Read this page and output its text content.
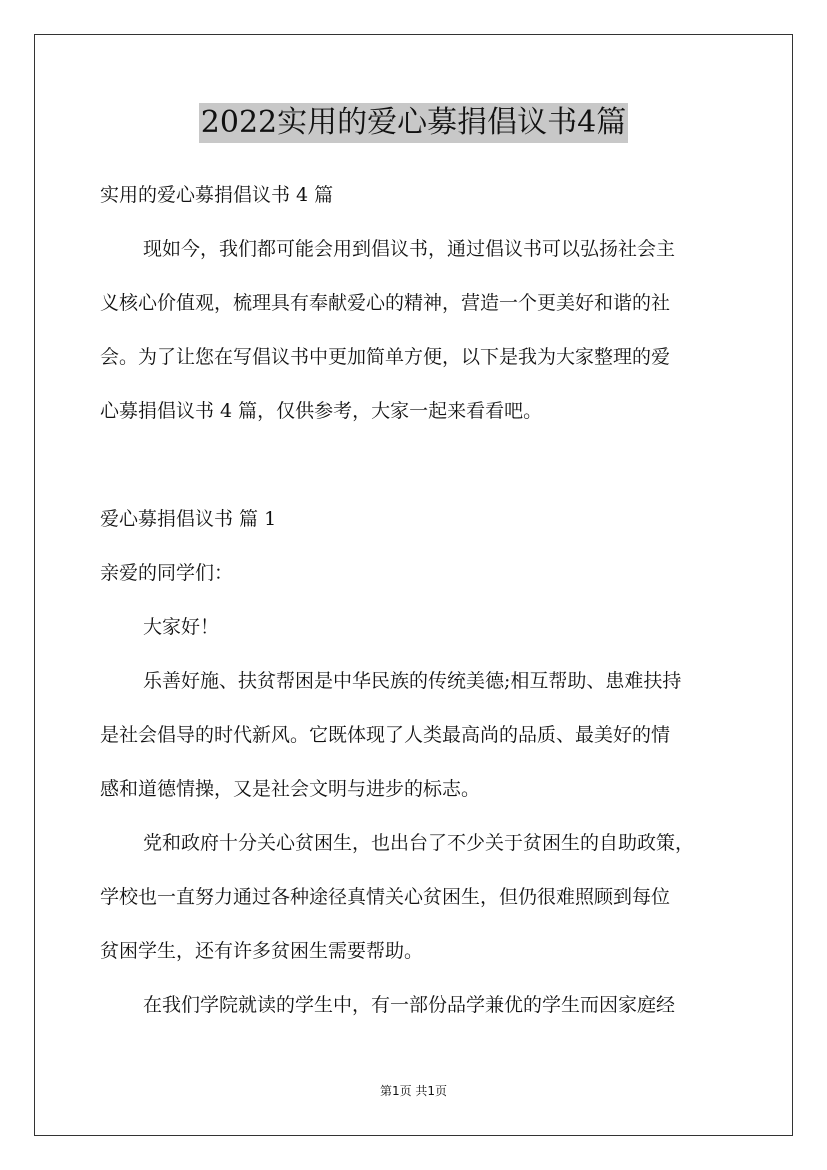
2022实用的爱心募捐倡议书4篇
实用的爱心募捐倡议书 4 篇
现如今，我们都可能会用到倡议书，通过倡议书可以弘扬社会主
义核心价值观，梳理具有奉献爱心的精神，营造一个更美好和谐的社
会。为了让您在写倡议书中更加简单方便，以下是我为大家整理的爱
心募捐倡议书 4 篇，仅供参考，大家一起来看看吧。
爱心募捐倡议书 篇 1
亲爱的同学们：
大家好！
乐善好施、扶贫帮困是中华民族的传统美德;相互帮助、患难扶持
是社会倡导的时代新风。它既体现了人类最高尚的品质、最美好的情
感和道德情操，又是社会文明与进步的标志。
党和政府十分关心贫困生，也出台了不少关于贫困生的自助政策，
学校也一直努力通过各种途径真情关心贫困生，但仍很难照顾到每位
贫困学生，还有许多贫困生需要帮助。
在我们学院就读的学生中，有一部份品学兼优的学生而因家庭经
第1页 共1页
